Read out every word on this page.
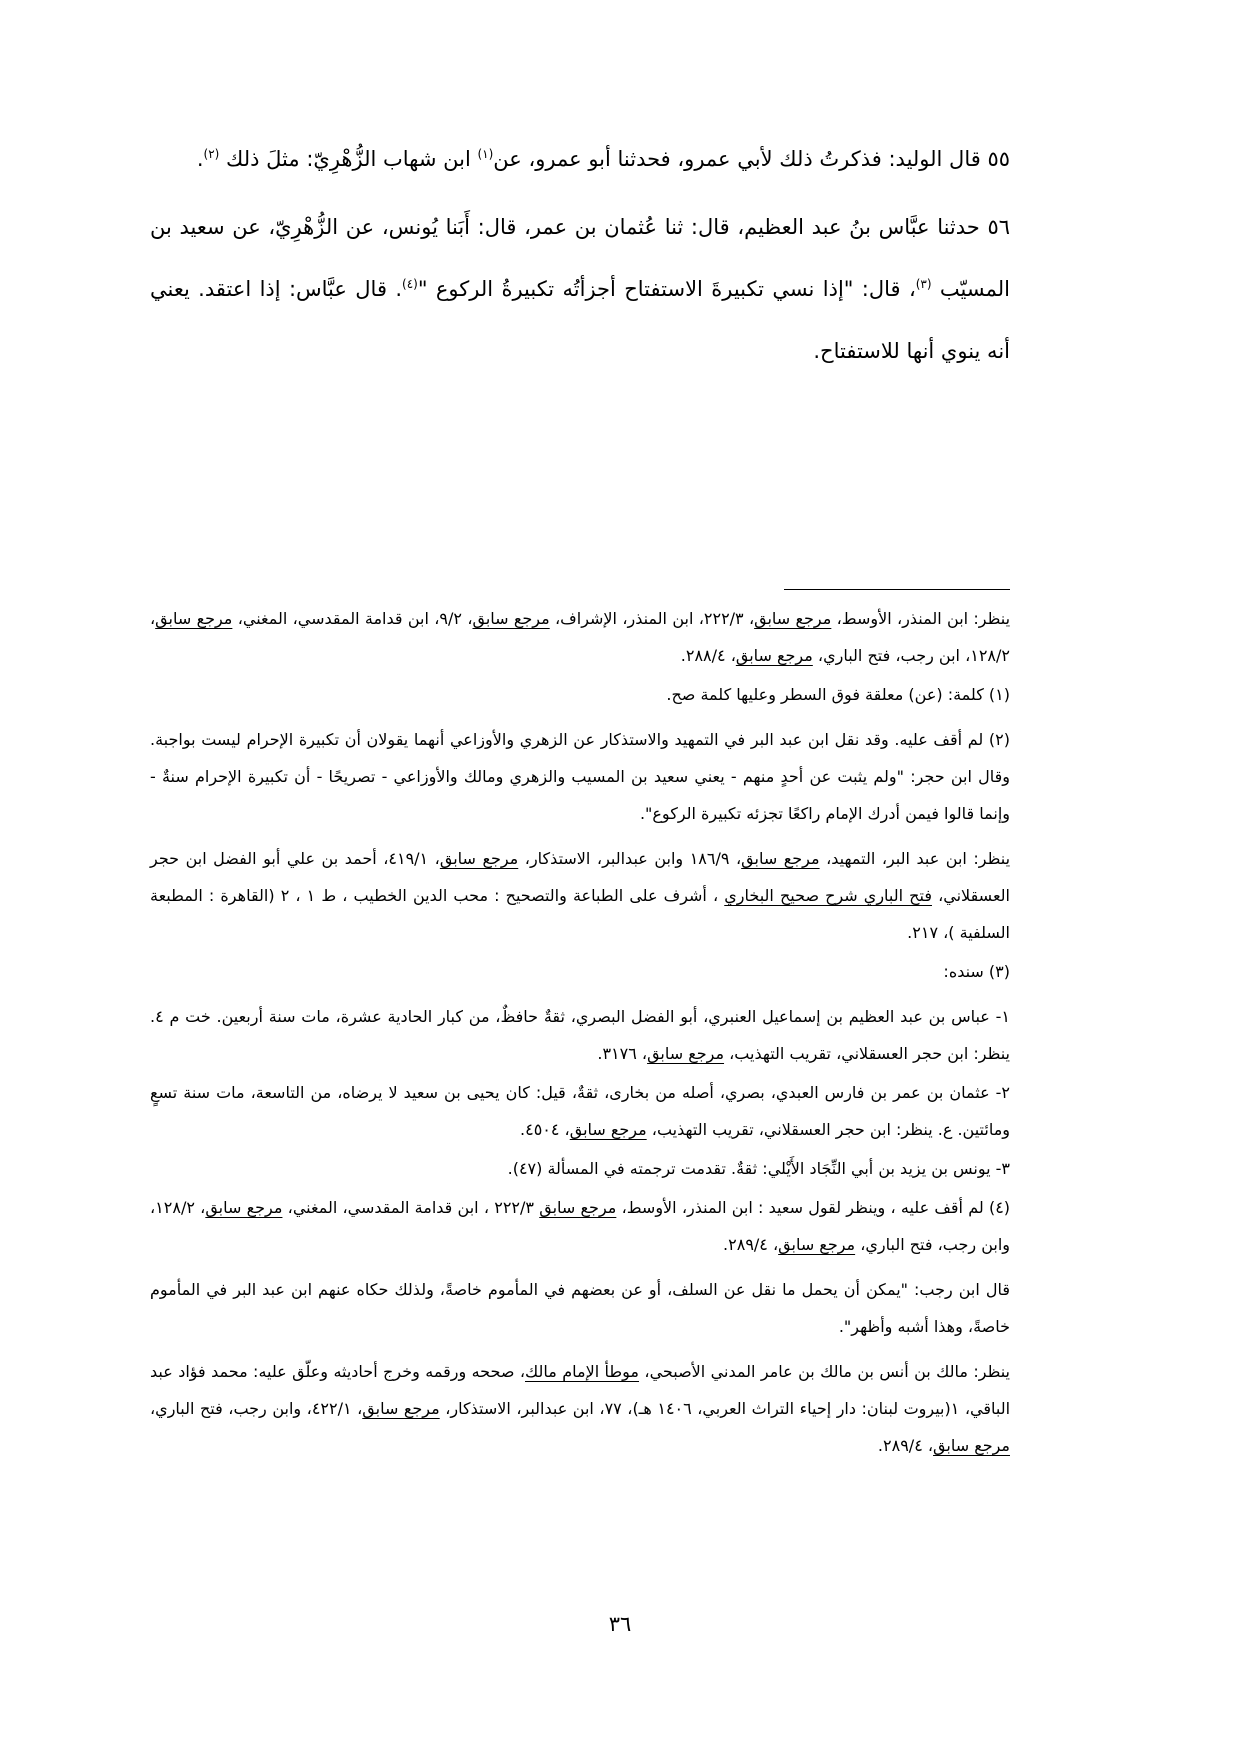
٥٥ قال الوليد: فذكرتُ ذلك لأبي عمرو، فحدثنا أبو عمرو، عن$^{(١)}$ ابن شهاب الزُّهْرِيّ: مثلَ ذلك $^{(٢)}$.

٥٦ حدثنا عبَّاس بنُ عبد العظيم، قال: ثنا عُثمان بن عمر، قال: أَبَنا يُونس، عن الزُّهْرِيّ، عن سعيد بن المسيّب $^{(٣)}$، قال: "إذا نسي تكبيرةَ الاستفتاح أجزأتُه تكبيرةُ الركوع "$^{(٤)}$. قال عبَّاس: إذا اعتقد. يعني أنه ينوي أنها للاستفتاح.

ينظر: ابن المنذر، الأوسط، مرجع سابق، ٢٢٢/٣، ابن المنذر، الإشراف، مرجع سابق، ٩/٢، ابن قدامة المقدسي، المغني، مرجع سابق، ١٢٨/٢، ابن رجب، فتح الباري، مرجع سابق، ٢٨٨/٤.

(١) كلمة: (عن) معلقة فوق السطر وعليها كلمة صح.

(٢) لم أقف عليه. وقد نقل ابن عبد البر في التمهيد والاستذكار عن الزهري والأوزاعي أنهما يقولان أن تكبيرة الإحرام ليست بواجبة. وقال ابن حجر: "ولم يثبت عن أحدٍ منهم - يعني سعيد بن المسيب والزهري ومالك والأوزاعي - تصريحًا - أن تكبيرة الإحرام سنةٌ - وإنما قالوا فيمن أدرك الإمام راكعًا تجزئه تكبيرة الركوع".

ينظر: ابن عبد البر، التمهيد، مرجع سابق، ١٨٦/٩ وابن عبدالبر، الاستذكار، مرجع سابق، ٤١٩/١، أحمد بن علي أبو الفضل ابن حجر العسقلاني، فتح الباري شرح صحيح البخاري ، أشرف على الطباعة والتصحيح : محب الدين الخطيب ، ط ١ ، ٢ (القاهرة : المطبعة السلفية )، ٢١٧.

(٣) سنده:

١- عباس بن عبد العظيم بن إسماعيل العنبري، أبو الفضل البصري، ثقةٌ حافظٌ، من كبار الحادية عشرة، مات سنة أربعين. خت م ٤. ينظر: ابن حجر العسقلاني، تقريب التهذيب، مرجع سابق، ٣١٧٦.

٢- عثمان بن عمر بن فارس العبدي، بصري، أصله من بخارى، ثقةٌ، قيل: كان يحيى بن سعيد لا يرضاه، من التاسعة، مات سنة تسعٍ ومائتين. ع. ينظر: ابن حجر العسقلاني، تقريب التهذيب، مرجع سابق، ٤٥٠٤.

٣- يونس بن يزيد بن أبي النِّجَاد الأَيْلي: ثقةٌ. تقدمت ترجمته في المسألة (٤٧).

(٤) لم أقف عليه ، وينظر لقول سعيد : ابن المنذر، الأوسط، مرجع سابق ٢٢٢/٣ ، ابن قدامة المقدسي، المغني، مرجع سابق، ١٢٨/٢، وابن رجب، فتح الباري، مرجع سابق، ٢٨٩/٤.

قال ابن رجب: "يمكن أن يحمل ما نقل عن السلف، أو عن بعضهم في المأموم خاصةً، ولذلك حكاه عنهم ابن عبد البر في المأموم خاصةً، وهذا أشبه وأظهر".

ينظر: مالك بن أنس بن مالك بن عامر المدني الأصبحي، موطأ الإمام مالك، صححه ورقمه وخرج أحاديثه وعلّق عليه: محمد فؤاد عبد الباقي، ١(بيروت لبنان: دار إحياء التراث العربي، ١٤٠٦ هـ)، ٧٧، ابن عبدالبر، الاستذكار، مرجع سابق، ٤٢٢/١، وابن رجب، فتح الباري، مرجع سابق، ٢٨٩/٤.

٣٦
